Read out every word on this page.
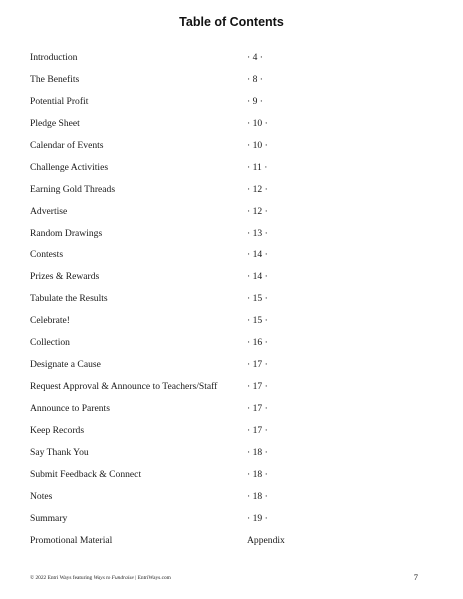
Table of Contents
Introduction	· 4 ·
The Benefits	· 8 ·
Potential Profit	· 9 ·
Pledge Sheet	· 10 ·
Calendar of Events	· 10 ·
Challenge Activities	· 11 ·
Earning Gold Threads	· 12 ·
Advertise	· 12 ·
Random Drawings	· 13 ·
Contests	· 14 ·
Prizes & Rewards	· 14 ·
Tabulate the Results	· 15 ·
Celebrate!	· 15 ·
Collection	· 16 ·
Designate a Cause	· 17 ·
Request Approval & Announce to Teachers/Staff	· 17 ·
Announce to Parents	· 17 ·
Keep Records	· 17 ·
Say Thank You	· 18 ·
Submit Feedback & Connect	· 18 ·
Notes	· 18 ·
Summary	· 19 ·
Promotional Material	Appendix
© 2022 Entri Ways featuring Ways to Fundraise | EntriWays.com	7
